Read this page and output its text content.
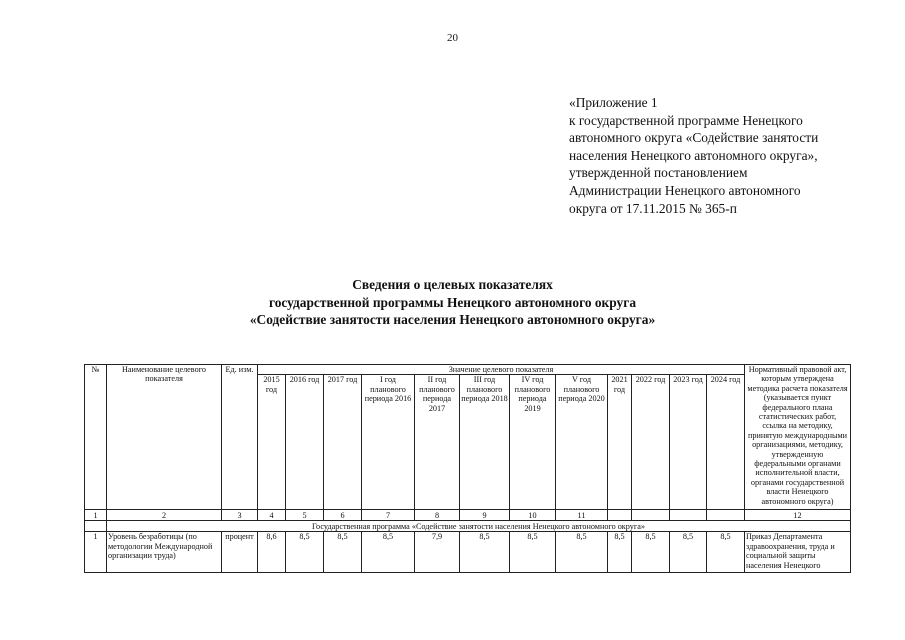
20
«Приложение 1
к государственной программе Ненецкого
автономного округа «Содействие занятости
населения Ненецкого автономного округа»,
утвержденной постановлением
Администрации Ненецкого автономного
округа от 17.11.2015 № 365-п
Сведения о целевых показателях
государственной программы Ненецкого автономного округа
«Содействие занятости населения Ненецкого автономного округа»
№	Наименование целевого показателя	Ед. изм.	Значение целевого показателя												Нормативный правовой акт, которым утверждена методика расчета показателя (указывается пункт федерального плана статистических работ, ссылка на методику, принятую международными организациями, методику, утвержденную федеральными органами исполнительной власти, органами государственной власти Ненецкого автономного округа)
			2015 год	2016 год	2017 год	I год планового периода 2016	II год планового периода 2017	III год планового периода 2018	IV год планового периода 2019	V год планового периода 2020	2021 год	2022 год	2023 год	2024 год	
1	2	3	4	5	6	7	8	9	10	11					12
	Государственная программа «Содействие занятости населения Ненецкого автономного округа»														
1	Уровень безработицы (по методологии Международной организации труда)	процент	8,6	8,5	8,5	8,5	7,9	8,5	8,5	8,5	8,5	8,5	8,5	8,5	Приказ Департамента здравоохранения, труда и социальной защиты населения Ненецкого
